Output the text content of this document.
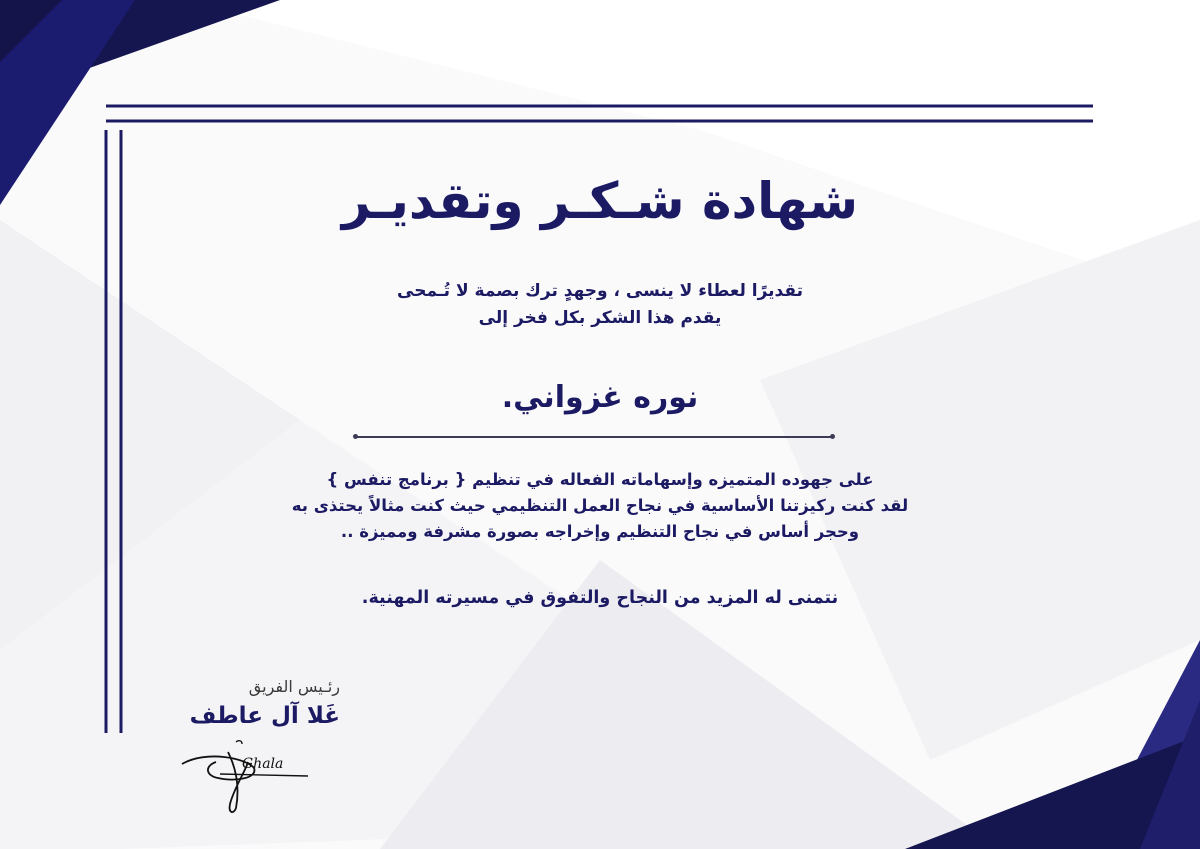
شهادة شـكـر وتقديـر
تقديرًا لعطاء لا ينسى ، وجهدٍ ترك بصمة لا تُـمحى
يقدم هذا الشكر بكل فخر إلى
نوره غزواني.
على جهوده المتميزه وإسهاماته الفعاله في تنظيم { برنامج تنفس }
لقد كنت ركيزتنا الأساسية في نجاح العمل التنظيمي حيث كنت مثالاً يحتذى به
وحجر أساس في نجاح التنظيم وإخراجه بصورة مشرفة ومميزة ..
نتمنى له المزيد من النجاح والتفوق في مسيرته المهنية.
رئـيس الفريق
غَلا آل عاطف
Ghala
